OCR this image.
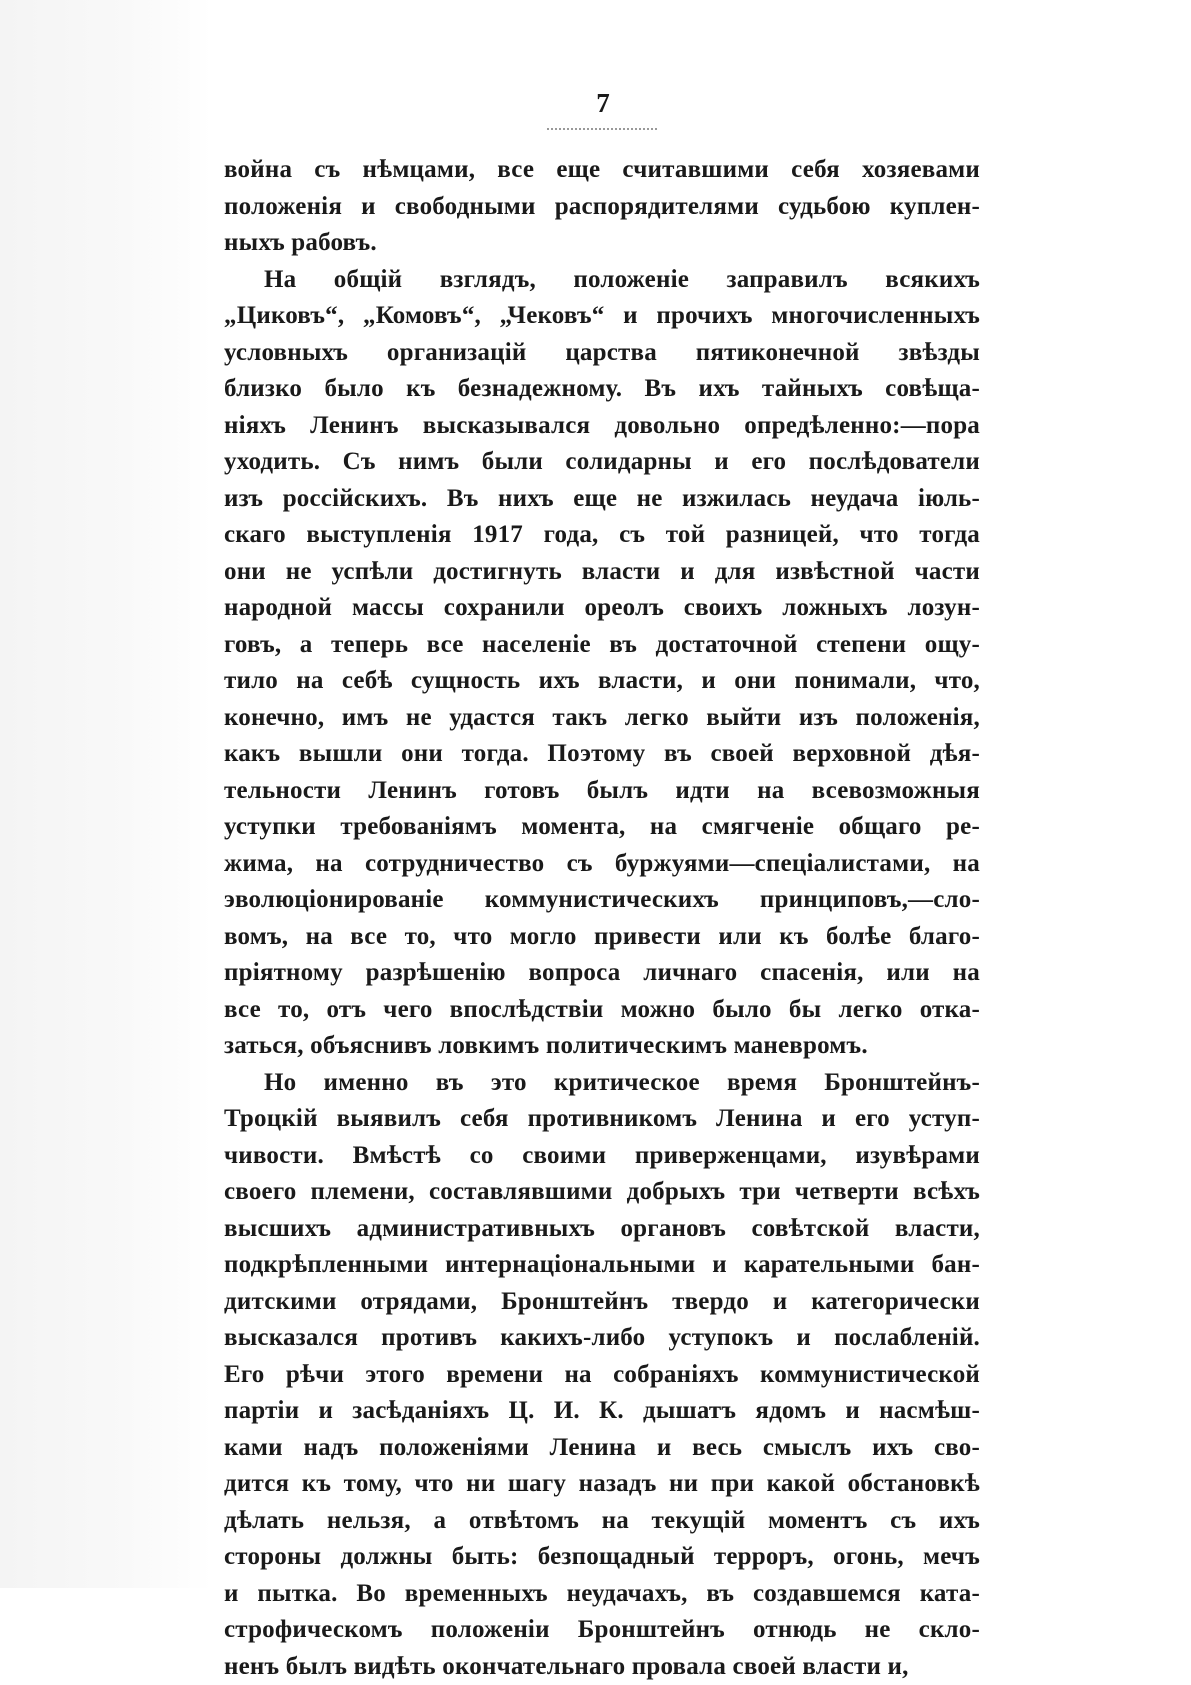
7
война съ нѣмцами, все еще считавшими себя хозяевами
положенія и свободными распорядителями судьбою куплен-
ныхъ рабовъ.
На общій взглядъ, положеніе заправилъ всякихъ
„Циковъ“, „Комовъ“, „Чековъ“ и прочихъ многочисленныхъ
условныхъ организацій царства пятиконечной звѣзды
близко было къ безнадежному. Въ ихъ тайныхъ совѣща-
ніяхъ Ленинъ высказывался довольно опредѣленно:—пора
уходить. Съ нимъ были солидарны и его послѣдователи
изъ россійскихъ. Въ нихъ еще не изжилась неудача іюль-
скаго выступленія 1917 года, съ той разницей, что тогда
они не успѣли достигнуть власти и для извѣстной части
народной массы сохранили ореолъ своихъ ложныхъ лозун-
говъ, а теперь все населеніе въ достаточной степени ощу-
тило на себѣ сущность ихъ власти, и они понимали, что,
конечно, имъ не удастся такъ легко выйти изъ положенія,
какъ вышли они тогда. Поэтому въ своей верховной дѣя-
тельности Ленинъ готовъ былъ идти на всевозможныя
уступки требованіямъ момента, на смягченіе общаго ре-
жима, на сотрудничество съ буржуями—спеціалистами, на
эволюціонированіе коммунистическихъ принциповъ,—сло-
вомъ, на все то, что могло привести или къ болѣе благо-
пріятному разрѣшенію вопроса личнаго спасенія, или на
все то, отъ чего впослѣдствіи можно было бы легко отка-
заться, объяснивъ ловкимъ политическимъ маневромъ.
Но именно въ это критическое время Бронштейнъ-
Троцкій выявилъ себя противникомъ Ленина и его уступ-
чивости. Вмѣстѣ со своими приверженцами, изувѣрами
своего племени, составлявшими добрыхъ три четверти всѣхъ
высшихъ административныхъ органовъ совѣтской власти,
подкрѣпленными интернаціональными и карательными бан-
дитскими отрядами, Бронштейнъ твердо и категорически
высказался противъ какихъ-либо уступокъ и послабленій.
Его рѣчи этого времени на собраніяхъ коммунистической
партіи и засѣданіяхъ Ц. И. К. дышатъ ядомъ и насмѣш-
ками надъ положеніями Ленина и весь смыслъ ихъ сво-
дится къ тому, что ни шагу назадъ ни при какой обстановкѣ
дѣлать нельзя, а отвѣтомъ на текущій моментъ съ ихъ
стороны должны быть: безпощадный терроръ, огонь, мечъ
и пытка. Во временныхъ неудачахъ, въ создавшемся ката-
строфическомъ положеніи Бронштейнъ отнюдь не скло-
ненъ былъ видѣть окончательнаго провала своей власти и,
